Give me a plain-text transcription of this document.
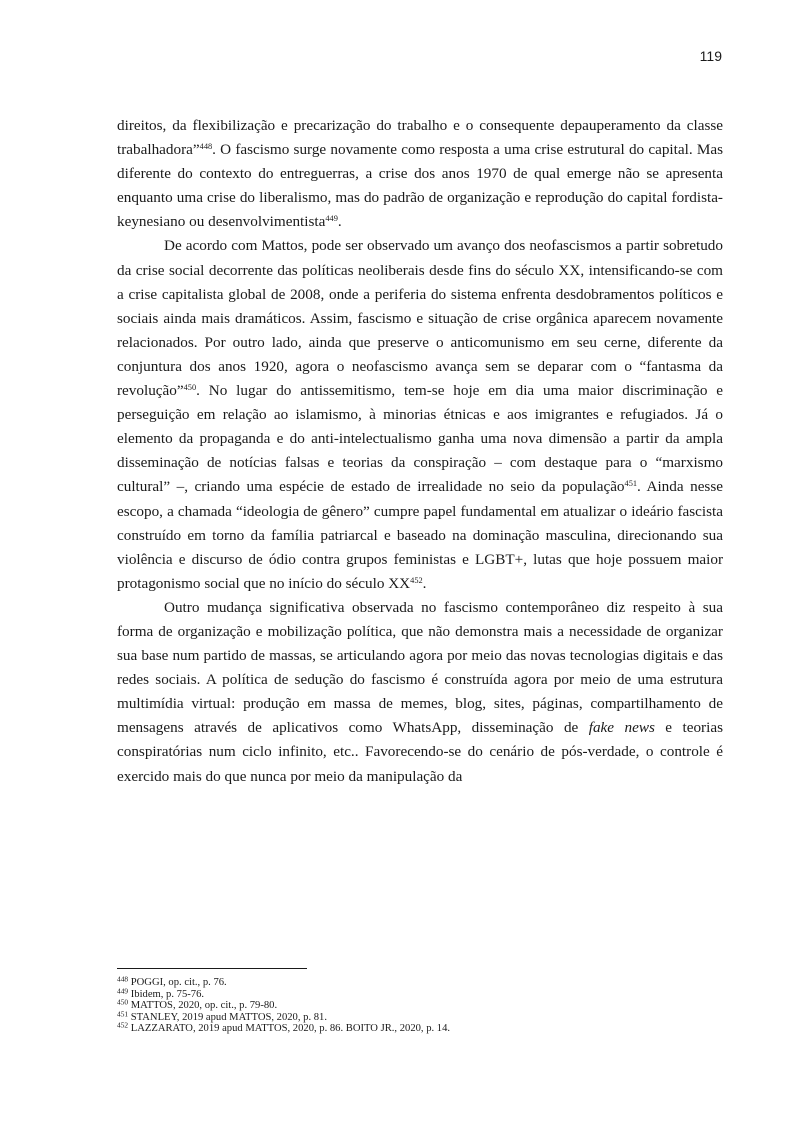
119

direitos, da flexibilização e precarização do trabalho e o consequente depauperamento da classe trabalhadora”$^{448}$. O fascismo surge novamente como resposta a uma crise estrutural do capital. Mas diferente do contexto do entreguerras, a crise dos anos 1970 de qual emerge não se apresenta enquanto uma crise do liberalismo, mas do padrão de organização e reprodução do capital fordista-keynesiano ou desenvolvimentista$^{449}$.

De acordo com Mattos, pode ser observado um avanço dos neofascismos a partir sobretudo da crise social decorrente das políticas neoliberais desde fins do século XX, intensificando-se com a crise capitalista global de 2008, onde a periferia do sistema enfrenta desdobramentos políticos e sociais ainda mais dramáticos. Assim, fascismo e situação de crise orgânica aparecem novamente relacionados. Por outro lado, ainda que preserve o anticomunismo em seu cerne, diferente da conjuntura dos anos 1920, agora o neofascismo avança sem se deparar com o “fantasma da revolução”$^{450}$. No lugar do antissemitismo, tem-se hoje em dia uma maior discriminação e perseguição em relação ao islamismo, à minorias étnicas e aos imigrantes e refugiados. Já o elemento da propaganda e do anti-intelectualismo ganha uma nova dimensão a partir da ampla disseminação de notícias falsas e teorias da conspiração – com destaque para o “marxismo cultural” –, criando uma espécie de estado de irrealidade no seio da população$^{451}$. Ainda nesse escopo, a chamada “ideologia de gênero” cumpre papel fundamental em atualizar o ideário fascista construído em torno da família patriarcal e baseado na dominação masculina, direcionando sua violência e discurso de ódio contra grupos feministas e LGBT+, lutas que hoje possuem maior protagonismo social que no início do século XX$^{452}$.

Outro mudança significativa observada no fascismo contemporâneo diz respeito à sua forma de organização e mobilização política, que não demonstra mais a necessidade de organizar sua base num partido de massas, se articulando agora por meio das novas tecnologias digitais e das redes sociais. A política de sedução do fascismo é construída agora por meio de uma estrutura multimídia virtual: produção em massa de memes, blog, sites, páginas, compartilhamento de mensagens através de aplicativos como WhatsApp, disseminação de fake news e teorias conspiratórias num ciclo infinito, etc.. Favorecendo-se do cenário de pós-verdade, o controle é exercido mais do que nunca por meio da manipulação da

$^{448}$ POGGI, op. cit., p. 76.

$^{449}$ Ibidem, p. 75-76.

$^{450}$ MATTOS, 2020, op. cit., p. 79-80.

$^{451}$ STANLEY, 2019 apud MATTOS, 2020, p. 81.

$^{452}$ LAZZARATO, 2019 apud MATTOS, 2020, p. 86. BOITO JR., 2020, p. 14.
